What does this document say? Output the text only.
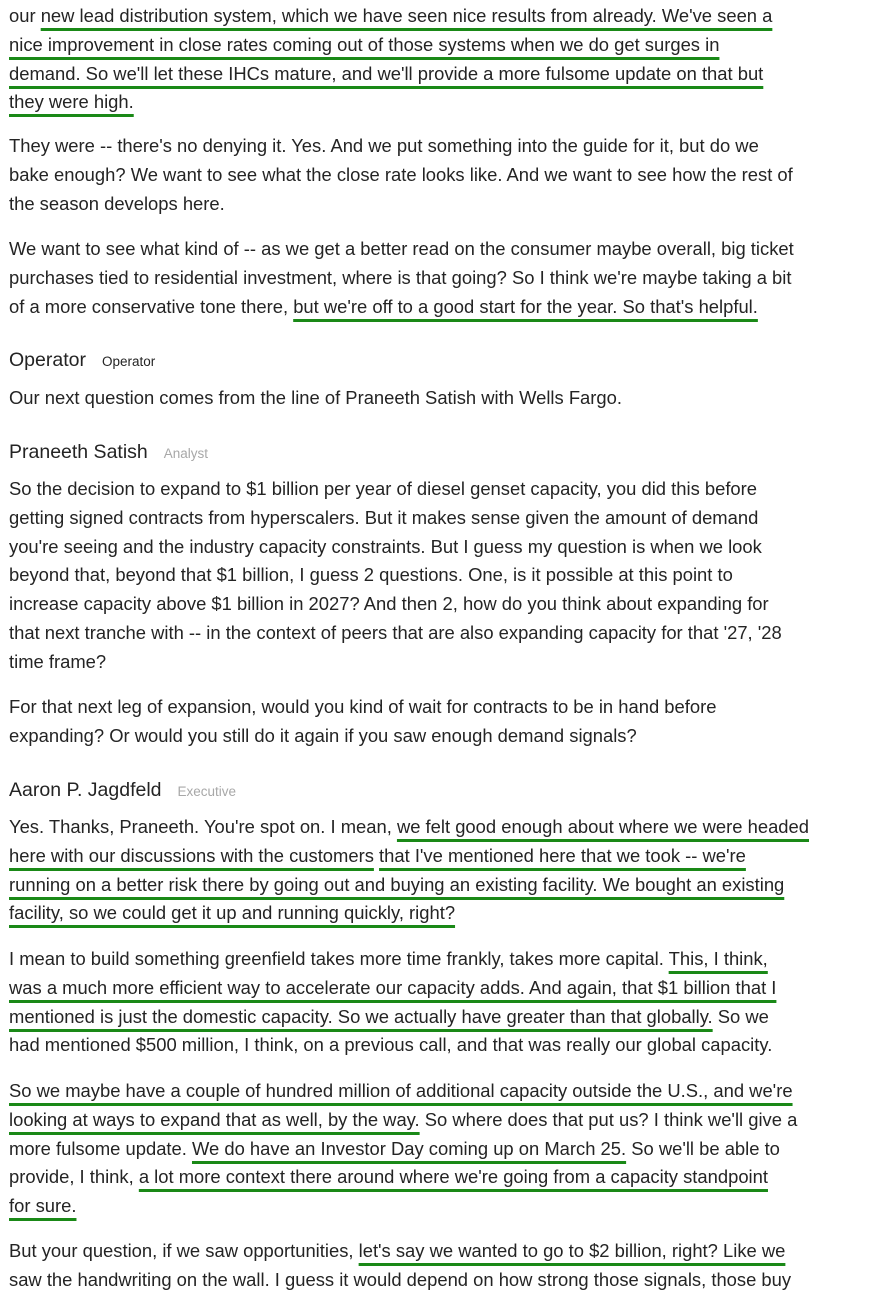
our new lead distribution system, which we have seen nice results from already. We've seen a
nice improvement in close rates coming out of those systems when we do get surges in
demand. So we'll let these IHCs mature, and we'll provide a more fulsome update on that but
they were high.
They were -- there's no denying it. Yes. And we put something into the guide for it, but do we
bake enough? We want to see what the close rate looks like. And we want to see how the rest of
the season develops here.
We want to see what kind of -- as we get a better read on the consumer maybe overall, big ticket
purchases tied to residential investment, where is that going? So I think we're maybe taking a bit
of a more conservative tone there, but we're off to a good start for the year. So that's helpful.
Operator Operator
Our next question comes from the line of Praneeth Satish with Wells Fargo.
Praneeth Satish Analyst
So the decision to expand to $1 billion per year of diesel genset capacity, you did this before
getting signed contracts from hyperscalers. But it makes sense given the amount of demand
you're seeing and the industry capacity constraints. But I guess my question is when we look
beyond that, beyond that $1 billion, I guess 2 questions. One, is it possible at this point to
increase capacity above $1 billion in 2027? And then 2, how do you think about expanding for
that next tranche with -- in the context of peers that are also expanding capacity for that '27, '28
time frame?
For that next leg of expansion, would you kind of wait for contracts to be in hand before
expanding? Or would you still do it again if you saw enough demand signals?
Aaron P. Jagdfeld Executive
Yes. Thanks, Praneeth. You're spot on. I mean, we felt good enough about where we were headed
here with our discussions with the customers that I've mentioned here that we took -- we're
running on a better risk there by going out and buying an existing facility. We bought an existing
facility, so we could get it up and running quickly, right?
I mean to build something greenfield takes more time frankly, takes more capital. This, I think,
was a much more efficient way to accelerate our capacity adds. And again, that $1 billion that I
mentioned is just the domestic capacity. So we actually have greater than that globally. So we
had mentioned $500 million, I think, on a previous call, and that was really our global capacity.
So we maybe have a couple of hundred million of additional capacity outside the U.S., and we're
looking at ways to expand that as well, by the way. So where does that put us? I think we'll give a
more fulsome update. We do have an Investor Day coming up on March 25. So we'll be able to
provide, I think, a lot more context there around where we're going from a capacity standpoint
for sure.
But your question, if we saw opportunities, let's say we wanted to go to $2 billion, right? Like we
saw the handwriting on the wall. I guess it would depend on how strong those signals, those buy
